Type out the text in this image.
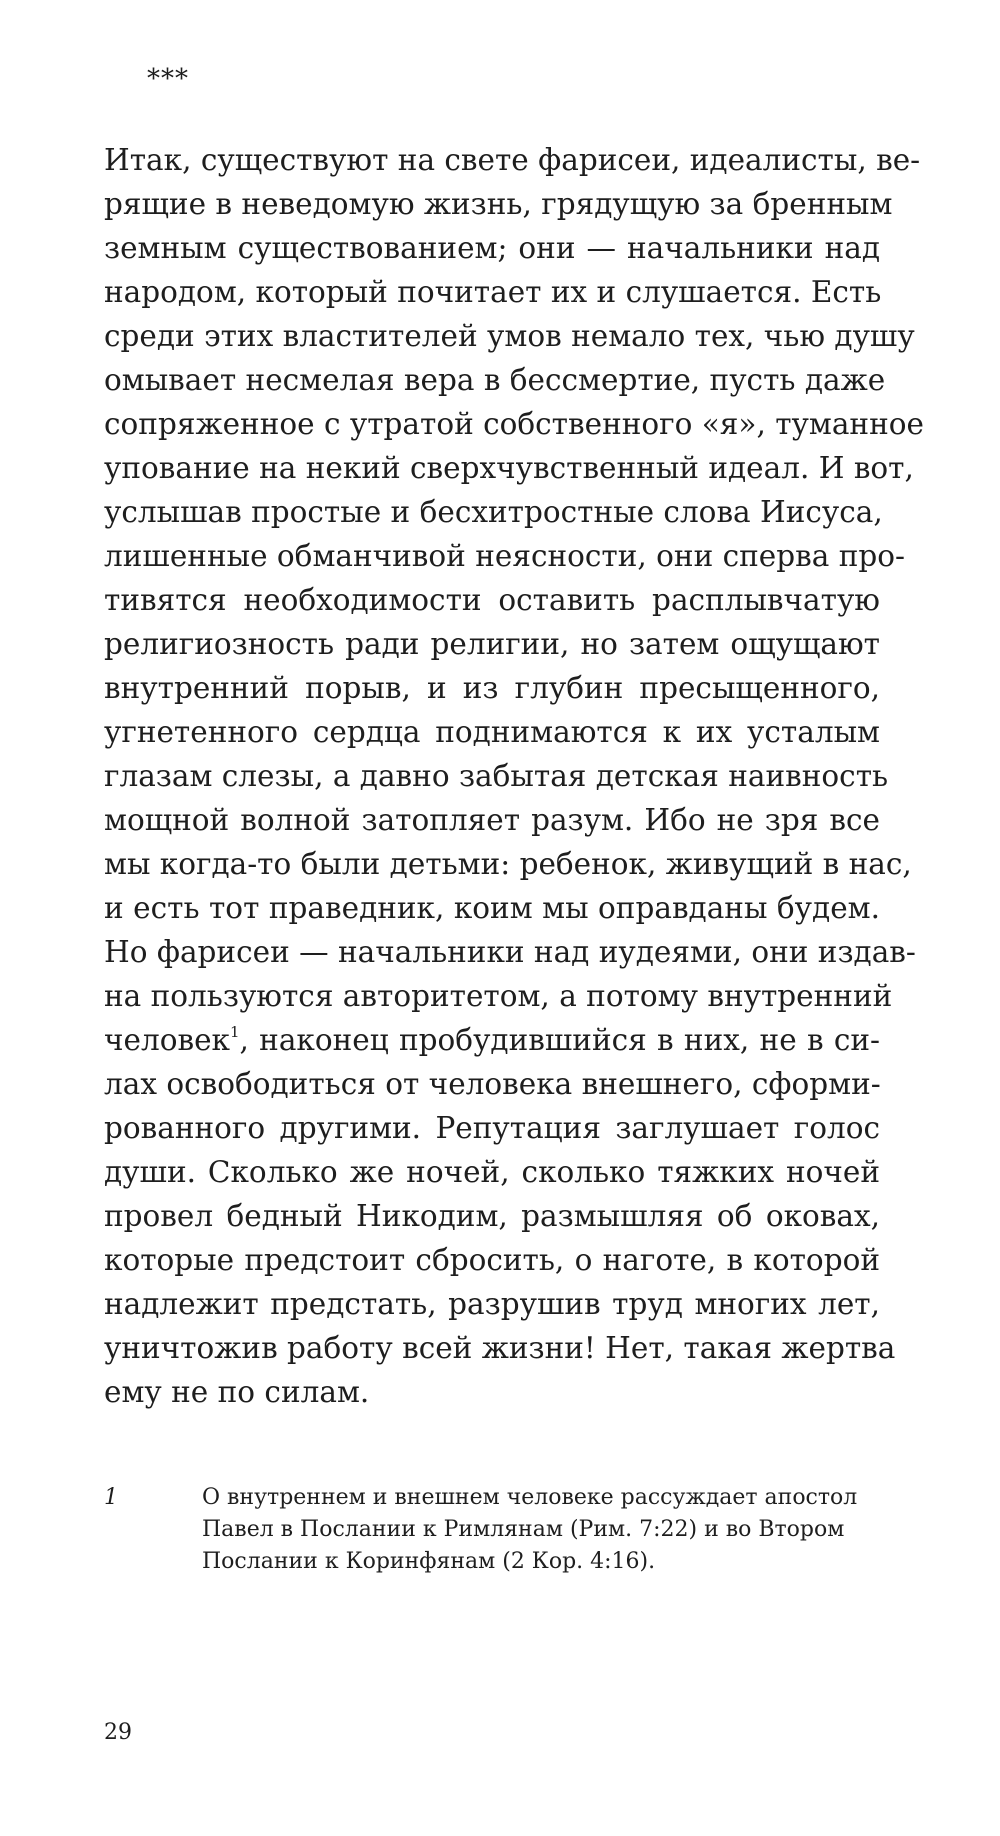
***
Итак, существуют на свете фарисеи, идеалисты, ве-
рящие в неведомую жизнь, грядущую за бренным
земным существованием; они — начальники над
народом, который почитает их и слушается. Есть
среди этих властителей умов немало тех, чью душу
омывает несмелая вера в бессмертие, пусть даже
сопряженное с утратой собственного «я», туманное
упование на некий сверхчувственный идеал. И вот,
услышав простые и бесхитростные слова Иисуса,
лишенные обманчивой неясности, они сперва про-
тивятся необходимости оставить расплывчатую
религиозность ради религии, но затем ощущают
внутренний порыв, и из глубин пресыщенного,
угнетенного сердца поднимаются к их усталым
глазам слезы, а давно забытая детская наивность
мощной волной затопляет разум. Ибо не зря все
мы когда-то были детьми: ребенок, живущий в нас,
и есть тот праведник, коим мы оправданы будем.
Но фарисеи — начальники над иудеями, они издав-
на пользуются авторитетом, а потому внутренний
человек$^1$, наконец пробудившийся в них, не в си-
лах освободиться от человека внешнего, сформи-
рованного другими. Репутация заглушает голос
души. Сколько же ночей, сколько тяжких ночей
провел бедный Никодим, размышляя об оковах,
которые предстоит сбросить, о наготе, в которой
надлежит предстать, разрушив труд многих лет,
уничтожив работу всей жизни! Нет, такая жертва
ему не по силам.
1	О внутреннем и внешнем человеке рассуждает апостол
Павел в Послании к Римлянам (Рим. 7:22) и во Втором
Послании к Коринфянам (2 Кор. 4:16).
29
